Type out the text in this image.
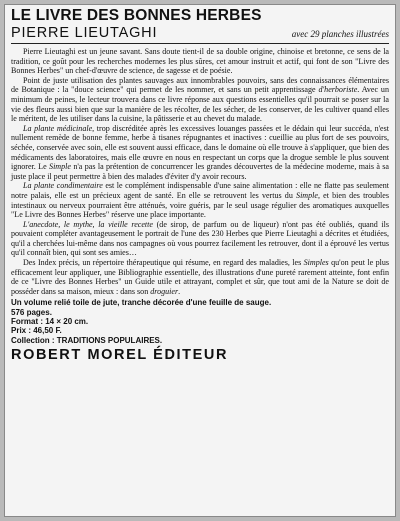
LE LIVRE DES BONNES HERBES
PIERRE LIEUTAGHI	avec 29 planches illustrées

Pierre Lieutaghi est un jeune savant. Sans doute tient-il de sa double origine, chinoise et bretonne, ce sens de la tradition, ce goût pour les recherches modernes les plus sûres, cet amour instruit et actif, qui font de son "Livre des Bonnes Herbes" un chef-d'œuvre de science, de sagesse et de poésie.

Point de juste utilisation des plantes sauvages aux innombrables pouvoirs, sans des connaissances élémentaires de Botanique : la "douce science" qui permet de les nommer, et sans un petit apprentissage d'herboriste. Avec un minimum de peines, le lecteur trouvera dans ce livre réponse aux questions essentielles qu'il pourrait se poser sur la vie des fleurs aussi bien que sur la manière de les récolter, de les sécher, de les conserver, de les cultiver quand elles le méritent, de les utiliser dans la cuisine, la pâtisserie et au chevet du malade.

La plante médicinale, trop discréditée après les excessives louanges passées et le dédain qui leur succéda, n'est nullement remède de bonne femme, herbe à tisanes répugnantes et inactives : cueillie au plus fort de ses pouvoirs, séchée, conservée avec soin, elle est souvent aussi efficace, dans le domaine où elle trouve à s'appliquer, que bien des médicaments des laboratoires, mais elle œuvre en nous en respectant un corps que la drogue semble le plus souvent ignorer. Le Simple n'a pas la prétention de concurrencer les grandes découvertes de la médecine moderne, mais à sa juste place il peut permettre à bien des malades d'éviter d'y avoir recours.

La plante condimentaire est le complément indispensable d'une saine alimentation : elle ne flatte pas seulement notre palais, elle est un précieux agent de santé. En elle se retrouvent les vertus du Simple, et bien des troubles intestinaux ou nerveux pourraient être atténués, voire guéris, par le seul usage régulier des aromatiques auxquelles "Le Livre des Bonnes Herbes" réserve une place importante.

L'anecdote, le mythe, la vieille recette (de sirop, de parfum ou de liqueur) n'ont pas été oubliés, quand ils pouvaient compléter avantageusement le portrait de l'une des 230 Herbes que Pierre Lieutaghi a décrites et étudiées, qu'il a cherchées lui-même dans nos campagnes où vous pourrez facilement les retrouver, dont il a éprouvé les vertus qu'il connaît bien, qui sont ses amies…

Des Index précis, un répertoire thérapeutique qui résume, en regard des maladies, les Simples qu'on peut le plus efficacement leur appliquer, une Bibliographie essentielle, des illustrations d'une pureté rarement atteinte, font enfin de ce "Livre des Bonnes Herbes" un Guide utile et attrayant, complet et sûr, que tout ami de la Nature se doit de posséder dans sa maison, mieux : dans son droguier.

Un volume relié toile de jute, tranche décorée d'une feuille de sauge.
576 pages.
Format : 14 × 20 cm.
Prix : 46,50 F.
Collection : TRADITIONS POPULAIRES.
ROBERT MOREL ÉDITEUR
